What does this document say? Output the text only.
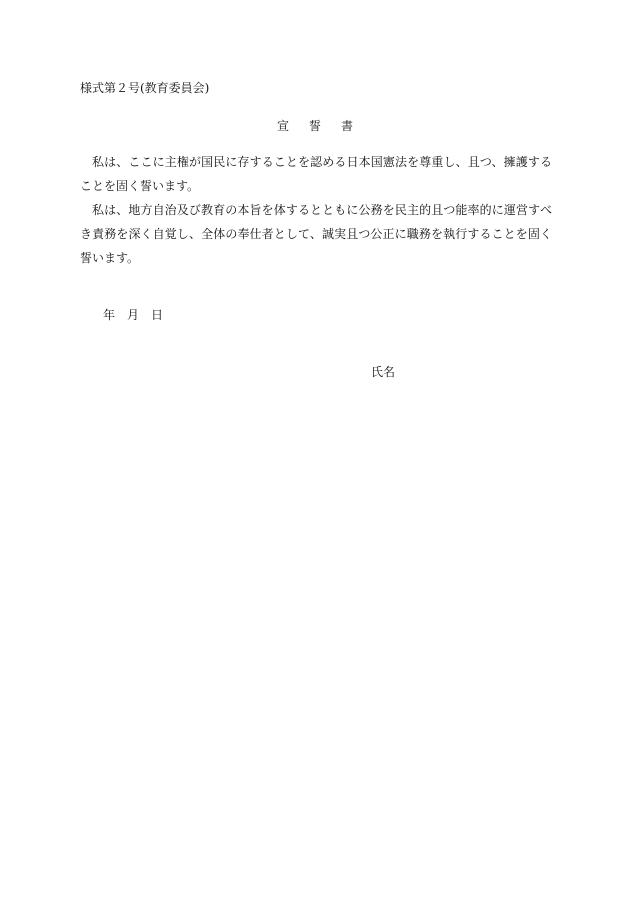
様式第２号(教育委員会)
宣誓書

私は、ここに主権が国民に存することを認める日本国憲法を尊重し、且つ、擁護することを固く誓います。

私は、地方自治及び教育の本旨を体するとともに公務を民主的且つ能率的に運営すべき責務を深く自覚し、全体の奉仕者として、誠実且つ公正に職務を執行することを固く誓います。

年 月 日
氏名
